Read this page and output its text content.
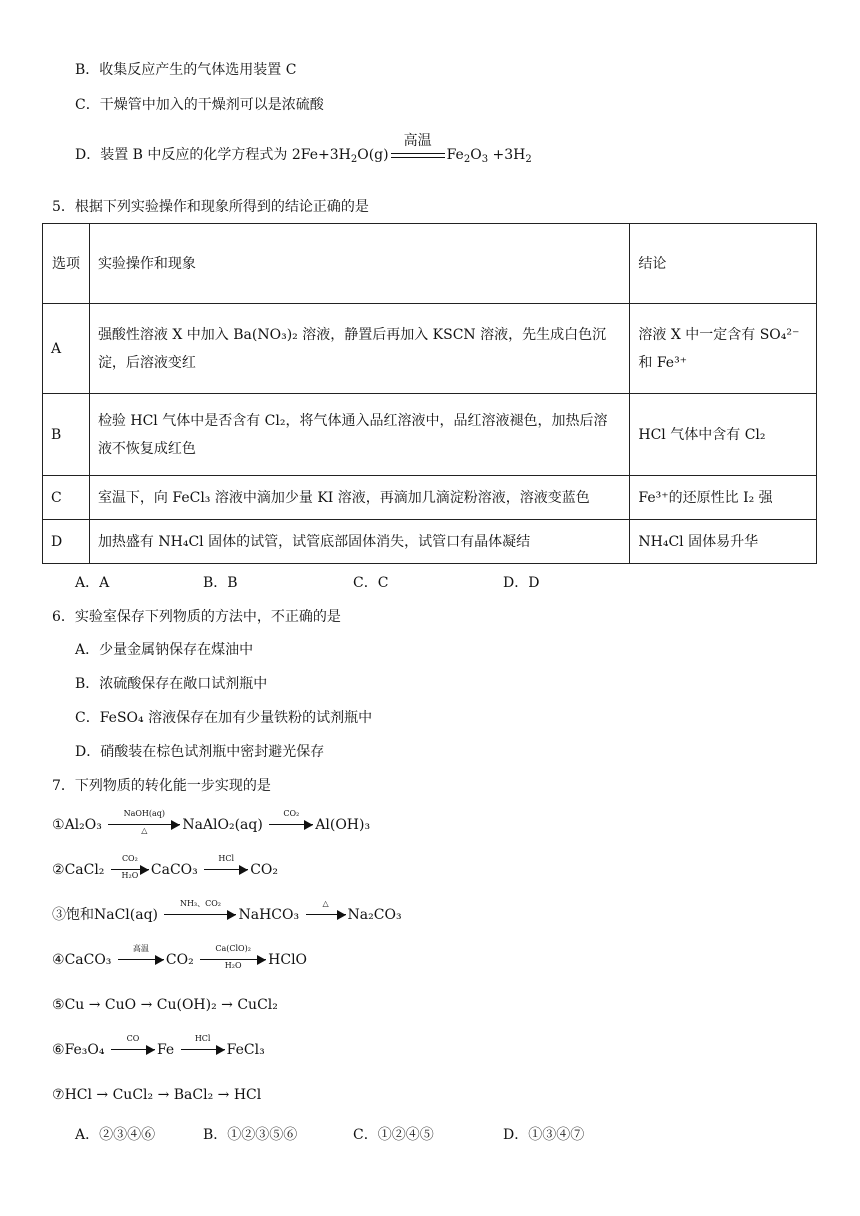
B．收集反应产生的气体选用装置 C
C．干燥管中加入的干燥剂可以是浓硫酸
D．装置 B 中反应的化学方程式为 $2Fe+3H_2O(g)$
高温
$Fe_2O_3 +3H_2$
5．根据下列实验操作和现象所得到的结论正确的是
选项	实验操作和现象	结论
A	强酸性溶液 X 中加入 Ba(NO₃)₂ 溶液，静置后再加入 KSCN 溶液，先生成白色沉淀，后溶液变红	溶液 X 中一定含有 SO₄²⁻ 和 Fe³⁺
B	检验 HCl 气体中是否含有 Cl₂，将气体通入品红溶液中，品红溶液褪色，加热后溶液不恢复成红色	HCl 气体中含有 Cl₂
C	室温下，向 FeCl₃ 溶液中滴加少量 KI 溶液，再滴加几滴淀粉溶液，溶液变蓝色	Fe³⁺的还原性比 I₂ 强
D	加热盛有 NH₄Cl 固体的试管，试管底部固体消失，试管口有晶体凝结	NH₄Cl 固体易升华
A．A	B．B	C．C	D．D
6．实验室保存下列物质的方法中，不正确的是
A．少量金属钠保存在煤油中
B．浓硫酸保存在敞口试剂瓶中
C．FeSO₄ 溶液保存在加有少量铁粉的试剂瓶中
D．硝酸装在棕色试剂瓶中密封避光保存
7．下列物质的转化能一步实现的是
①Al₂O₃
NaOH(aq)
△	NaAlO₂(aq)
CO₂
Al(OH)₃
②CaCl₂ $\frac{\text{CO₂}}{\text{H₂O}}$ CaCO₃
HCl
CO₂
③饱和NaCl(aq)
NH₃、CO₂
NaHCO₃
△
Na₂CO₃
④CaCO₃
高温
CO₂
Ca(ClO)₂
H₂O	HClO
⑤Cu → CuO → Cu(OH)₂ → CuCl₂
⑥Fe₃O₄
CO
Fe
HCl
FeCl₃
⑦HCl → CuCl₂ → BaCl₂ → HCl
A．②③④⑥	B．①②③⑤⑥	C．①②④⑤	D．①③④⑦
